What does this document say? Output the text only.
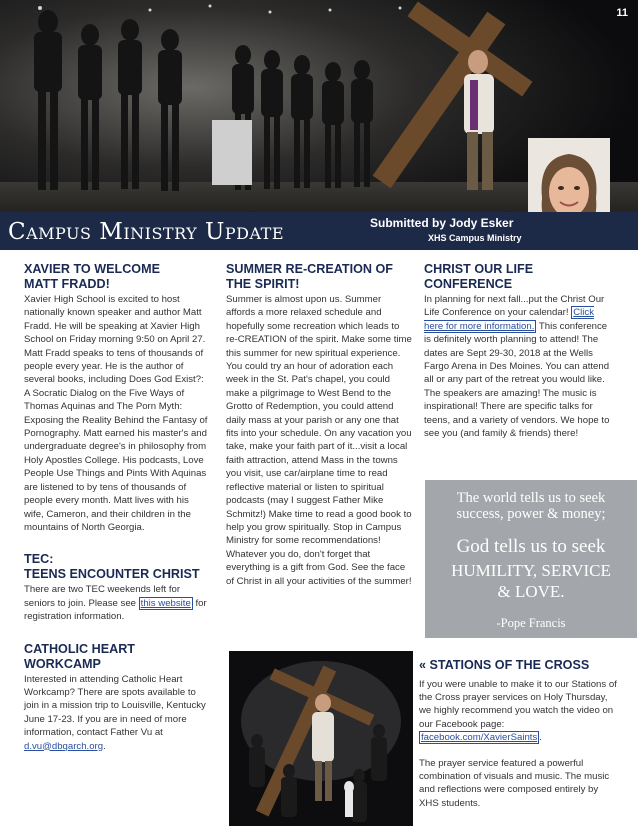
11
Campus Ministry Update	Submitted by Jody Esker
XHS Campus Ministry
XAVIER TO WELCOME
MATT FRADD!
Xavier High School is excited to host nationally known speaker and author Matt Fradd. He will be speaking at Xavier High School on Friday morning 9:50 on April 27. Matt Fradd speaks to tens of thousands of people every year. He is the author of several books, including Does God Exist?: A Socratic Dialog on the Five Ways of Thomas Aquinas and The Porn Myth: Exposing the Reality Behind the Fantasy of Pornography. Matt earned his master's and undergraduate degree's in philosophy from Holy Apostles College. His podcasts, Love People Use Things and Pints With Aquinas are listened to by tens of thousands of people every month. Matt lives with his wife, Cameron, and their children in the mountains of North Georgia.
TEC:
TEENS ENCOUNTER CHRIST
There are two TEC weekends left for seniors to join. Please see this website for registration information.
CATHOLIC HEART
WORKCAMP
Interested in attending Catholic Heart Workcamp? There are spots available to join in a mission trip to Louisville, Kentucky June 17-23. If you are in need of more information, contact Father Vu at d.vu@dbqarch.org.
SUMMER RE-CREATION OF
THE SPIRIT!
Summer is almost upon us. Summer affords a more relaxed schedule and hopefully some recreation which leads to re-CREATION of the spirit. Make some time this summer for new spiritual experience. You could try an hour of adoration each week in the St. Pat's chapel, you could make a pilgrimage to West Bend to the Grotto of Redemption, you could attend daily mass at your parish or any one that fits into your schedule. On any vacation you take, make your faith part of it...visit a local faith attraction, attend Mass in the towns you visit, use car/airplane time to read reflective material or listen to spiritual podcasts (may I suggest Father Mike Schmitz!) Make time to read a good book to help you grow spiritually. Stop in Campus Ministry for some recommendations! Whatever you do, don't forget that everything is a gift from God. See the face of Christ in all your activities of the summer!
CHRIST OUR LIFE
CONFERENCE
In planning for next fall...put the Christ Our Life Conference on your calendar! Click here for more information. This conference is definitely worth planning to attend! The dates are Sept 29-30, 2018 at the Wells Fargo Arena in Des Moines. You can attend all or any part of the retreat you would like. The speakers are amazing! The music is inspirational! There are specific talks for teens, and a variety of vendors. We hope to see you (and family & friends) there!
The world tells us to seek
success, power & money;
God tells us to seek
HUMILITY, SERVICE
& LOVE.
-Pope Francis
« STATIONS OF THE CROSS
If you were unable to make it to our Stations of the Cross prayer services on Holy Thursday, we highly recommend you watch the video on our Facebook page: facebook.com/XavierSaints .
The prayer service featured a powerful combination of visuals and music. The music and reflections were composed entirely by XHS students.
